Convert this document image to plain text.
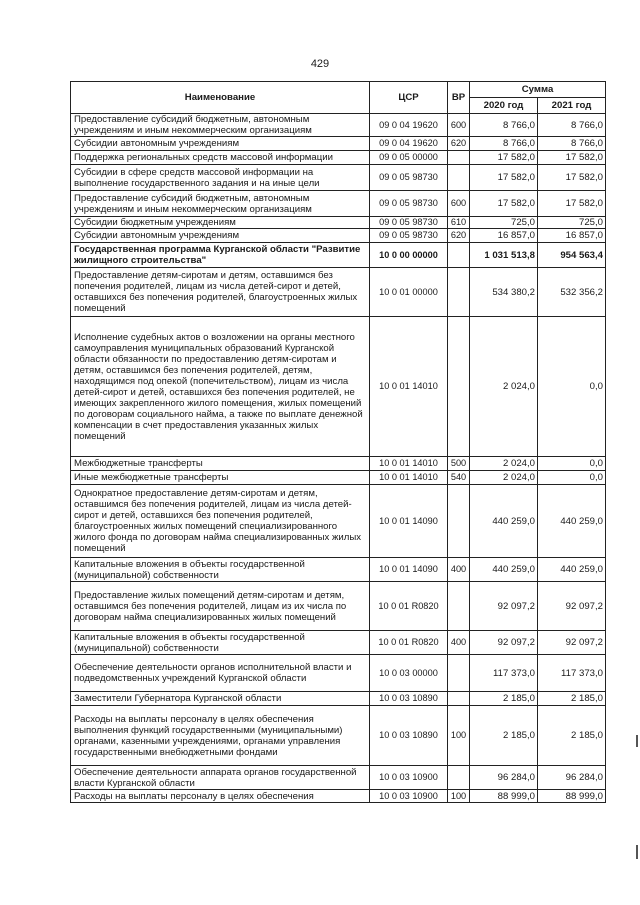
429
Наименование	ЦСР	ВР	Сумма	
			2020 год	2021 год
Предоставление субсидий бюджетным, автономным учреждениям и иным некоммерческим организациям	09 0 04 19620	600	8 766,0	8 766,0
Субсидии автономным учреждениям	09 0 04 19620	620	8 766,0	8 766,0
Поддержка региональных средств массовой информации	09 0 05 00000		17 582,0	17 582,0
Субсидии в сфере средств массовой информации на выполнение государственного задания и на иные цели	09 0 05 98730		17 582,0	17 582,0
Предоставление субсидий бюджетным, автономным учреждениям и иным некоммерческим организациям	09 0 05 98730	600	17 582,0	17 582,0
Субсидии бюджетным учреждениям	09 0 05 98730	610	725,0	725,0
Субсидии автономным учреждениям	09 0 05 98730	620	16 857,0	16 857,0
Государственная программа Курганской области "Развитие жилищного строительства"	10 0 00 00000		1 031 513,8	954 563,4
Предоставление детям-сиротам и детям, оставшимся без попечения родителей, лицам из числа детей-сирот и детей, оставшихся без попечения родителей, благоустроенных жилых помещений	10 0 01 00000		534 380,2	532 356,2
Исполнение судебных актов о возложении на органы местного самоуправления муниципальных образований Курганской области обязанности по предоставлению детям-сиротам и детям, оставшимся без попечения родителей, детям, находящимся под опекой (попечительством), лицам из числа детей-сирот и детей, оставшихся без попечения родителей, не имеющих закрепленного жилого помещения, жилых помещений по договорам социального найма, а также по выплате денежной компенсации в счет предоставления указанных жилых помещений	10 0 01 14010		2 024,0	0,0
Межбюджетные трансферты	10 0 01 14010	500	2 024,0	0,0
Иные межбюджетные трансферты	10 0 01 14010	540	2 024,0	0,0
Однократное предоставление детям-сиротам и детям, оставшимся без попечения родителей, лицам из числа детей-сирот и детей, оставшихся без попечения родителей, благоустроенных жилых помещений специализированного жилого фонда по договорам найма специализированных жилых помещений	10 0 01 14090		440 259,0	440 259,0
Капитальные вложения в объекты государственной (муниципальной) собственности	10 0 01 14090	400	440 259,0	440 259,0
Предоставление жилых помещений детям-сиротам и детям, оставшимся без попечения родителей, лицам из их числа по договорам найма специализированных жилых помещений	10 0 01 R0820		92 097,2	92 097,2
Капитальные вложения в объекты государственной (муниципальной) собственности	10 0 01 R0820	400	92 097,2	92 097,2
Обеспечение деятельности органов исполнительной власти и подведомственных учреждений Курганской области	10 0 03 00000		117 373,0	117 373,0
Заместители Губернатора Курганской области	10 0 03 10890		2 185,0	2 185,0
Расходы на выплаты персоналу в целях обеспечения выполнения функций государственными (муниципальными) органами, казенными учреждениями, органами управления государственными внебюджетными фондами	10 0 03 10890	100	2 185,0	2 185,0
Обеспечение деятельности аппарата органов государственной власти Курганской области	10 0 03 10900		96 284,0	96 284,0
Расходы на выплаты персоналу в целях обеспечения	10 0 03 10900	100	88 999,0	88 999,0
